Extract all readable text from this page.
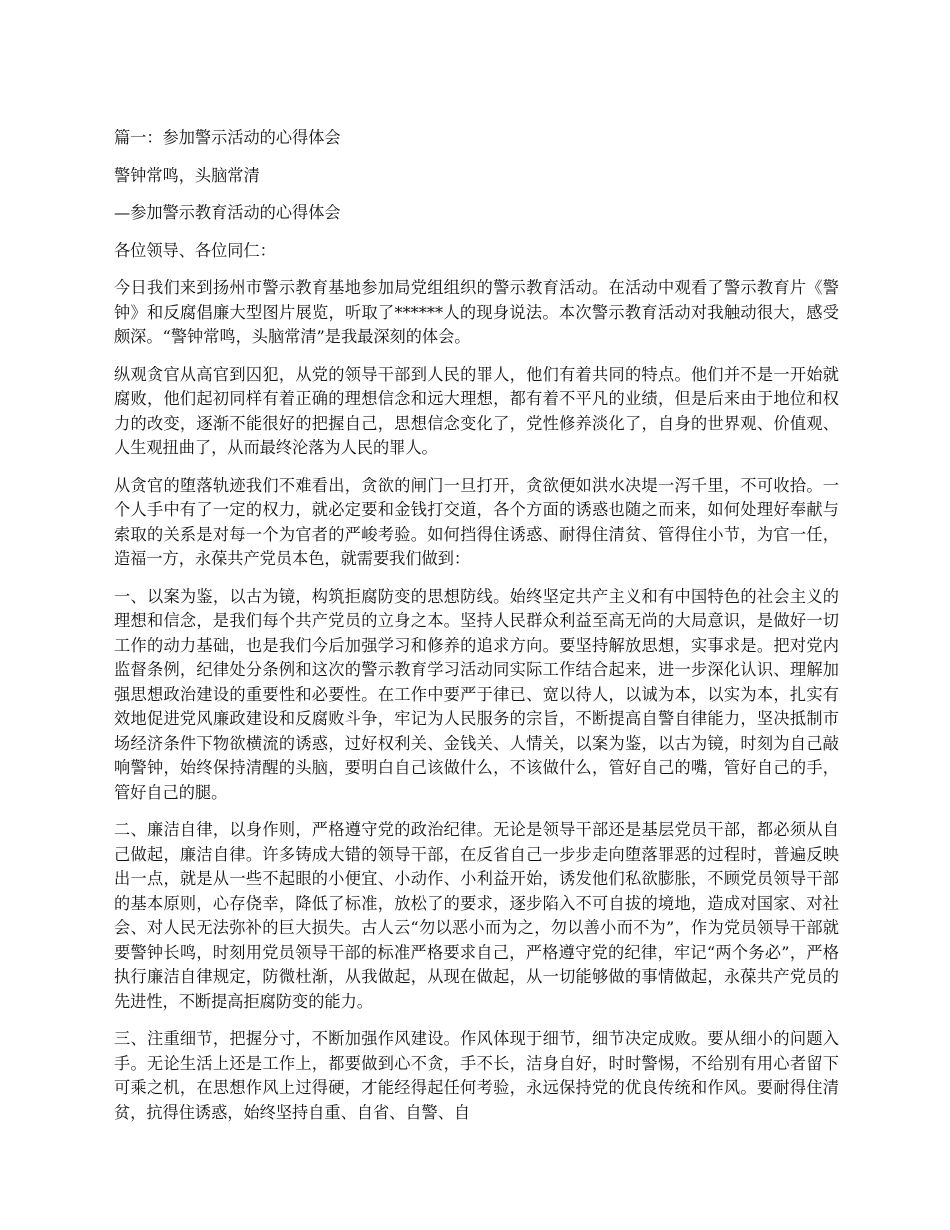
篇一：参加警示活动的心得体会

警钟常鸣，头脑常清

—参加警示教育活动的心得体会

各位领导、各位同仁：

今日我们来到扬州市警示教育基地参加局党组组织的警示教育活动。在活动中观看了警示教育片《警钟》和反腐倡廉大型图片展览，听取了******人的现身说法。本次警示教育活动对我触动很大，感受颇深。“警钟常鸣，头脑常清”是我最深刻的体会。

纵观贪官从高官到囚犯，从党的领导干部到人民的罪人，他们有着共同的特点。他们并不是一开始就腐败，他们起初同样有着正确的理想信念和远大理想，都有着不平凡的业绩，但是后来由于地位和权力的改变，逐渐不能很好的把握自己，思想信念变化了，党性修养淡化了，自身的世界观、价值观、人生观扭曲了，从而最终沦落为人民的罪人。

从贪官的堕落轨迹我们不难看出，贪欲的闸门一旦打开，贪欲便如洪水决堤一泻千里，不可收拾。一个人手中有了一定的权力，就必定要和金钱打交道，各个方面的诱惑也随之而来，如何处理好奉献与索取的关系是对每一个为官者的严峻考验。如何挡得住诱惑、耐得住清贫、管得住小节，为官一任，造福一方，永葆共产党员本色，就需要我们做到：

一、以案为鉴，以古为镜，构筑拒腐防变的思想防线。始终坚定共产主义和有中国特色的社会主义的理想和信念，是我们每个共产党员的立身之本。坚持人民群众利益至高无尚的大局意识，是做好一切工作的动力基础，也是我们今后加强学习和修养的追求方向。要坚持解放思想，实事求是。把对党内监督条例，纪律处分条例和这次的警示教育学习活动同实际工作结合起来，进一步深化认识、理解加强思想政治建设的重要性和必要性。在工作中要严于律已、宽以待人，以诚为本，以实为本，扎实有效地促进党风廉政建设和反腐败斗争，牢记为人民服务的宗旨，不断提高自警自律能力，坚决抵制市场经济条件下物欲横流的诱惑，过好权利关、金钱关、人情关，以案为鉴，以古为镜，时刻为自己敲响警钟，始终保持清醒的头脑，要明白自己该做什么，不该做什么，管好自己的嘴，管好自己的手，管好自己的腿。

二、廉洁自律，以身作则，严格遵守党的政治纪律。无论是领导干部还是基层党员干部，都必须从自己做起，廉洁自律。许多铸成大错的领导干部，在反省自己一步步走向堕落罪恶的过程时，普遍反映出一点，就是从一些不起眼的小便宜、小动作、小利益开始，诱发他们私欲膨胀，不顾党员领导干部的基本原则，心存侥幸，降低了标准，放松了的要求，逐步陷入不可自拔的境地，造成对国家、对社会、对人民无法弥补的巨大损失。古人云“勿以恶小而为之，勿以善小而不为”，作为党员领导干部就要警钟长鸣，时刻用党员领导干部的标准严格要求自己，严格遵守党的纪律，牢记“两个务必”，严格执行廉洁自律规定，防微杜渐，从我做起，从现在做起，从一切能够做的事情做起，永葆共产党员的先进性，不断提高拒腐防变的能力。

三、注重细节，把握分寸，不断加强作风建设。作风体现于细节，细节决定成败。要从细小的问题入手。无论生活上还是工作上，都要做到心不贪，手不长，洁身自好，时时警惕，不给别有用心者留下可乘之机，在思想作风上过得硬，才能经得起任何考验，永远保持党的优良传统和作风。要耐得住清贫，抗得住诱惑，始终坚持自重、自省、自警、自
